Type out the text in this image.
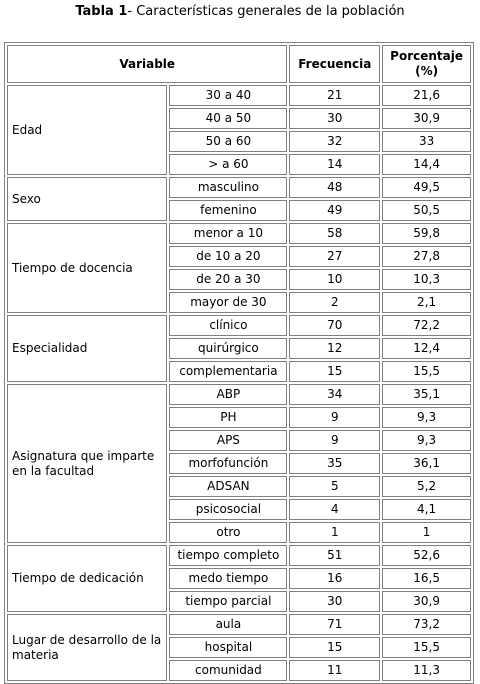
Tabla 1- Características generales de la población
Variable		Frecuencia	Porcentaje (%)
Edad	30 a 40	21	21,6
	40 a 50	30	30,9
	50 a 60	32	33
	> a 60	14	14,4
Sexo	masculino	48	49,5
	femenino	49	50,5
Tiempo de docencia	menor a 10	58	59,8
	de 10 a 20	27	27,8
	de 20 a 30	10	10,3
	mayor de 30	2	2,1
Especialidad	clínico	70	72,2
	quirúrgico	12	12,4
	complementaria	15	15,5
Asignatura que imparte en la facultad	ABP	34	35,1
	PH	9	9,3
	APS	9	9,3
	morfofunción	35	36,1
	ADSAN	5	5,2
	psicosocial	4	4,1
	otro	1	1
Tiempo de dedicación	tiempo completo	51	52,6
	medo tiempo	16	16,5
	tiempo parcial	30	30,9
Lugar de desarrollo de la materia	aula	71	73,2
	hospital	15	15,5
	comunidad	11	11,3
